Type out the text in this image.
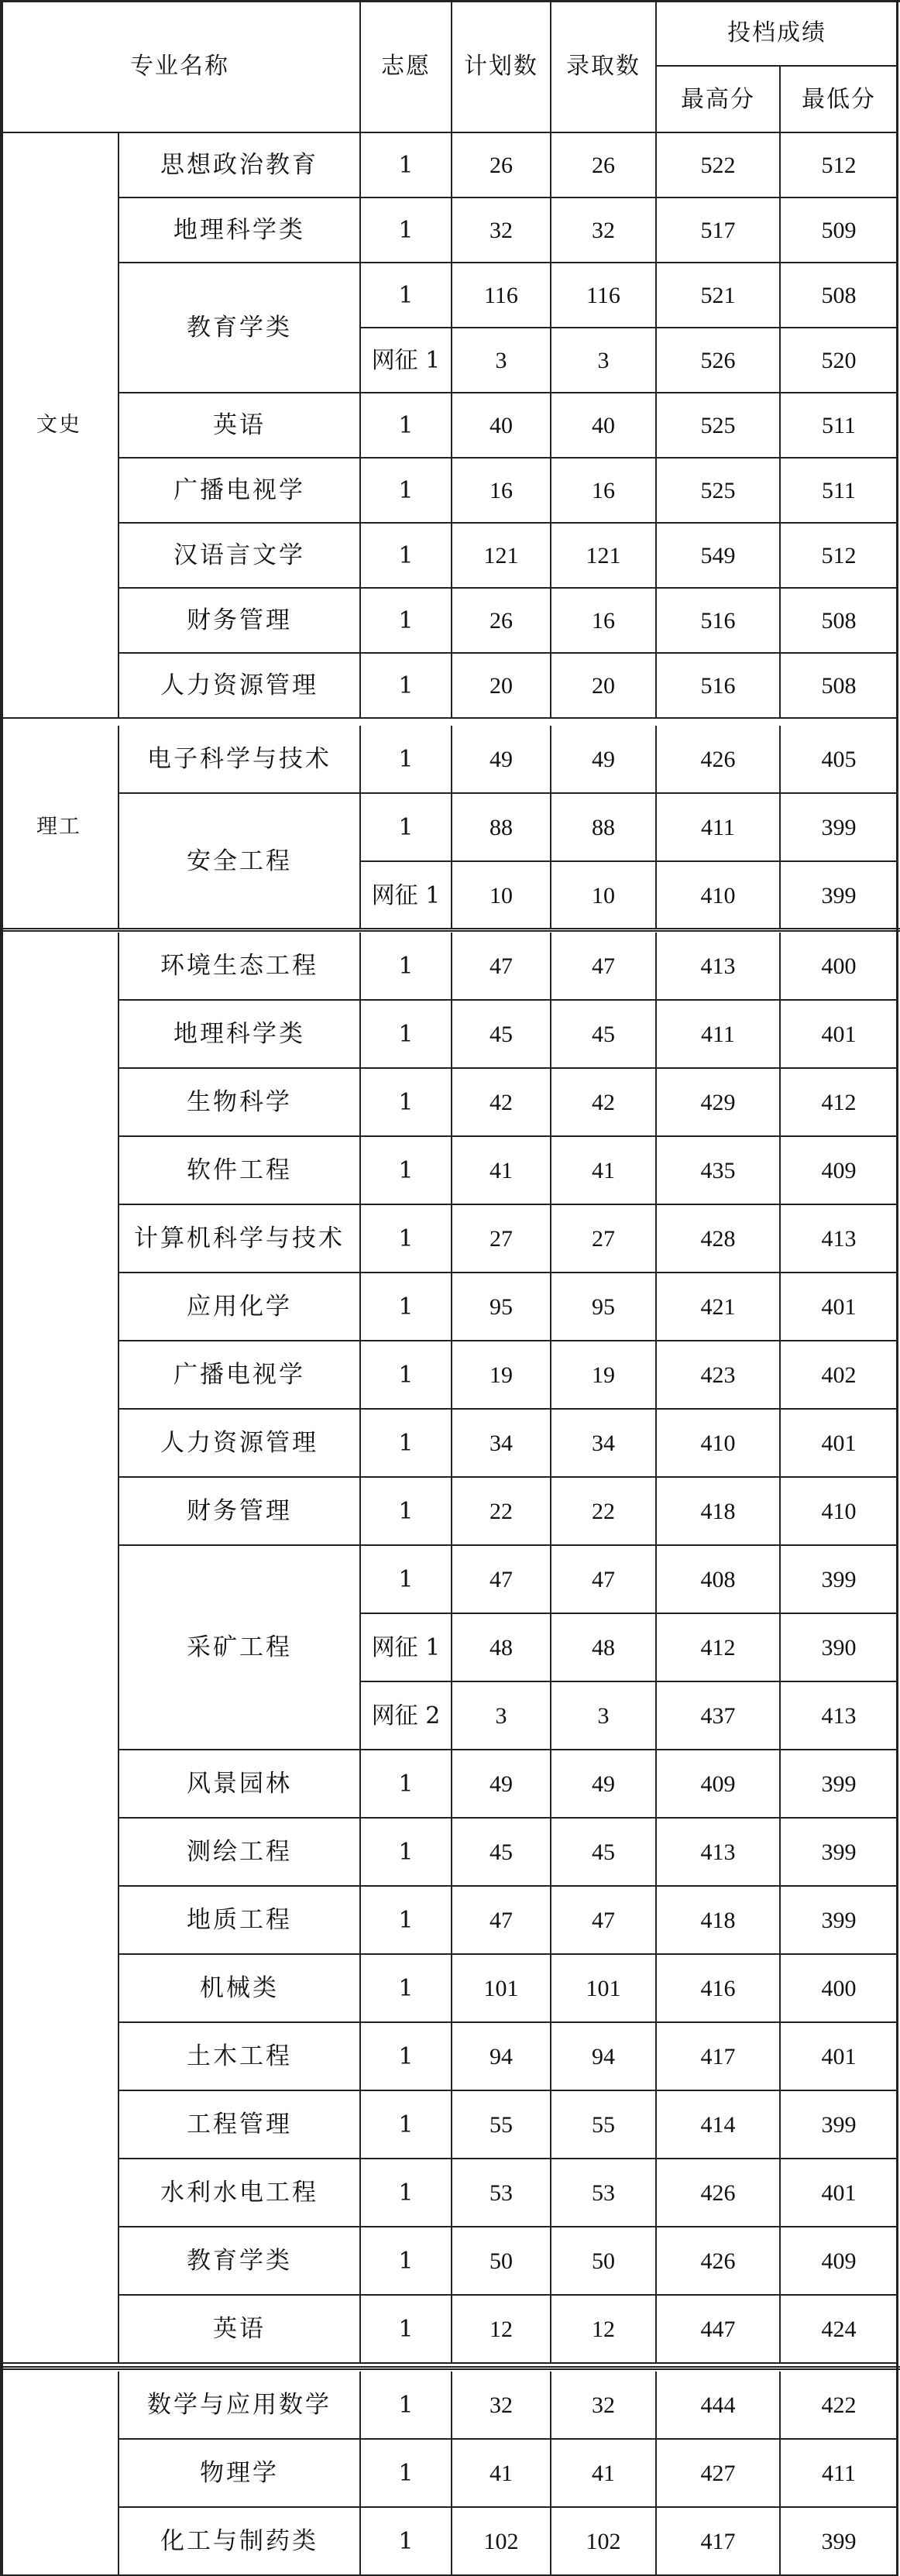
专业名称	志愿	计划数	录取数
投档成绩
最高分	最低分
文史
思想政治教育	1	26	26	522	512
地理科学类	1	32	32	517	509
教育学类
1	116	116	521	508
网征 1	3	3	526	520
英语	1	40	40	525	511
广播电视学	1	16	16	525	511
汉语言文学	1	121	121	549	512
财务管理	1	26	16	516	508
人力资源管理	1	20	20	516	508
理工
电子科学与技术	1	49	49	426	405
安全工程
1	88	88	411	399
网征 1	10	10	410	399
环境生态工程	1	47	47	413	400
地理科学类	1	45	45	411	401
生物科学	1	42	42	429	412
软件工程	1	41	41	435	409
计算机科学与技术	1	27	27	428	413
应用化学	1	95	95	421	401
广播电视学	1	19	19	423	402
人力资源管理	1	34	34	410	401
财务管理	1	22	22	418	410
采矿工程
1	47	47	408	399
网征 1	48	48	412	390
网征 2	3	3	437	413
风景园林	1	49	49	409	399
测绘工程	1	45	45	413	399
地质工程	1	47	47	418	399
机械类	1	101	101	416	400
土木工程	1	94	94	417	401
工程管理	1	55	55	414	399
水利水电工程	1	53	53	426	401
教育学类	1	50	50	426	409
英语	1	12	12	447	424
数学与应用数学	1	32	32	444	422
物理学	1	41	41	427	411
化工与制药类	1	102	102	417	399
